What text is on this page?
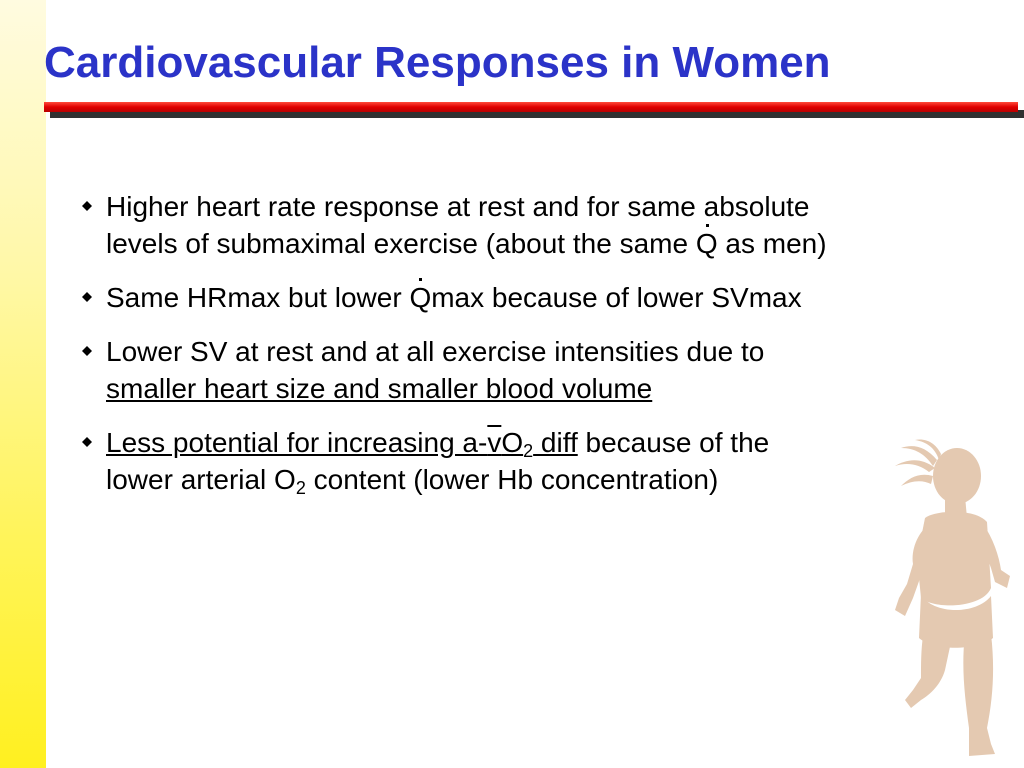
Cardiovascular Responses in Women
Higher heart rate response at rest and for same absolute
levels of submaximal exercise (about the same Q as men)
Same HRmax but lower Qmax because of lower SVmax
Lower SV at rest and at all exercise intensities due to
smaller heart size and smaller blood volume
Less potential for increasing $a-vO_2$ diff because of the
lower arterial $O_2$ content (lower Hb concentration)
